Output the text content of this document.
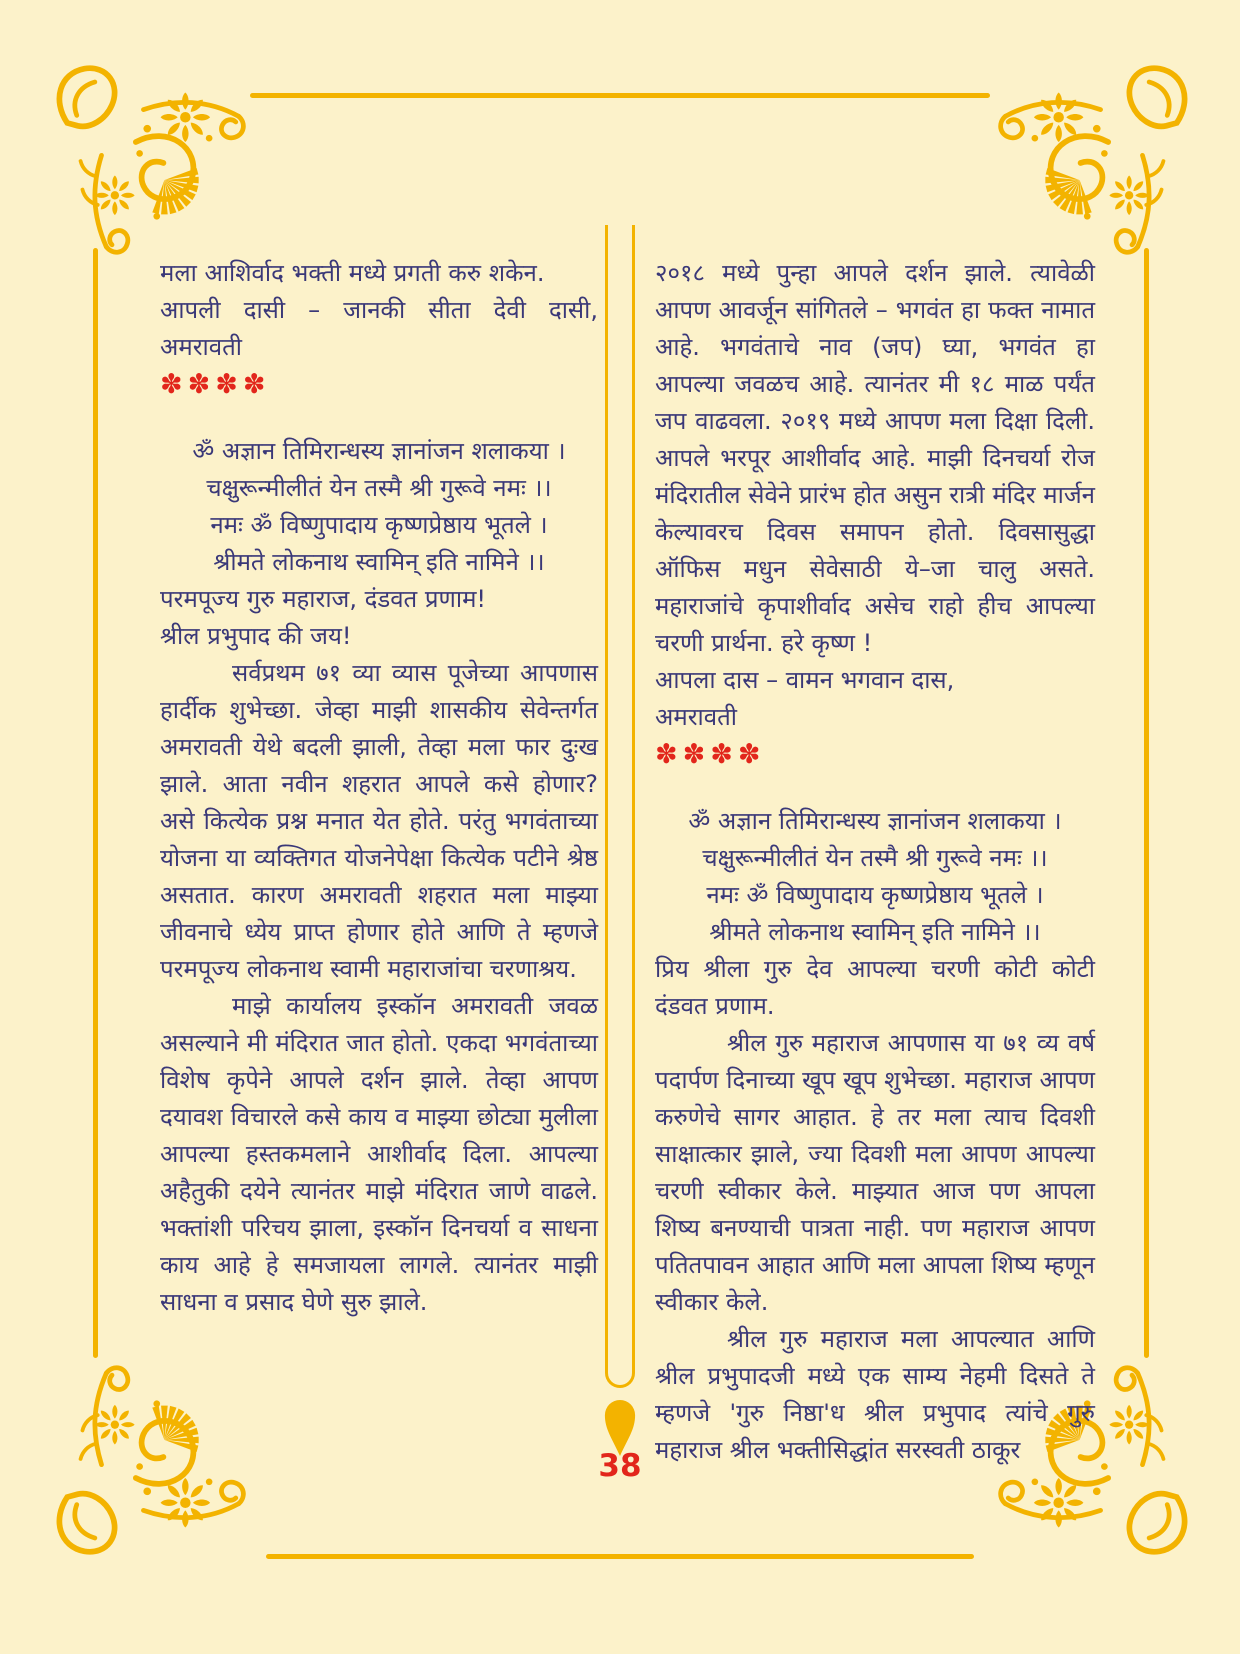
मला आशिर्वाद भक्ती मध्ये प्रगती करु शकेन.

आपली दासी – जानकी सीता देवी दासी,

अमरावती

✽✽✽✽

ॐ अज्ञान तिमिरान्धस्य ज्ञानांजन शलाकया ।

चक्षुरून्मीलीतं येन तस्मै श्री गुरूवे नमः ।।

नमः ॐ विष्णुपादाय कृष्णप्रेष्ठाय भूतले ।

श्रीमते लोकनाथ स्वामिन् इति नामिने ।।

परमपूज्य गुरु महाराज, दंडवत प्रणाम!

श्रील प्रभुपाद की जय!

सर्वप्रथम ७१ व्या व्यास पूजेच्या आपणास हार्दीक शुभेच्छा. जेव्हा माझी शासकीय सेवेन्तर्गत अमरावती येथे बदली झाली, तेव्हा मला फार दुःख झाले. आता नवीन शहरात आपले कसे होणार? असे कित्येक प्रश्न मनात येत होते. परंतु भगवंताच्या योजना या व्यक्तिगत योजनेपेक्षा कित्येक पटीने श्रेष्ठ असतात. कारण अमरावती शहरात मला माझ्या जीवनाचे ध्येय प्राप्त होणार होते आणि ते म्हणजे परमपूज्य लोकनाथ स्वामी महाराजांचा चरणाश्रय.

माझे कार्यालय इस्कॉन अमरावती जवळ असल्याने मी मंदिरात जात होतो. एकदा भगवंताच्या विशेष कृपेने आपले दर्शन झाले. तेव्हा आपण दयावश विचारले कसे काय व माझ्या छोट्या मुलीला आपल्या हस्तकमलाने आशीर्वाद दिला. आपल्या अहैतुकी दयेने त्यानंतर माझे मंदिरात जाणे वाढले. भक्तांशी परिचय झाला, इस्कॉन दिनचर्या व साधना काय आहे हे समजायला लागले. त्यानंतर माझी साधना व प्रसाद घेणे सुरु झाले.

२०१८ मध्ये पुन्हा आपले दर्शन झाले. त्यावेळी आपण आवर्जून सांगितले – भगवंत हा फक्त नामात आहे. भगवंताचे नाव (जप) घ्या, भगवंत हा आपल्या जवळच आहे. त्यानंतर मी १८ माळ पर्यंत जप वाढवला. २०१९ मध्ये आपण मला दिक्षा दिली. आपले भरपूर आशीर्वाद आहे. माझी दिनचर्या रोज मंदिरातील सेवेने प्रारंभ होत असुन रात्री मंदिर मार्जन केल्यावरच दिवस समापन होतो. दिवसासुद्धा ऑफिस मधुन सेवेसाठी ये–जा चालु असते. महाराजांचे कृपाशीर्वाद असेच राहो हीच आपल्या चरणी प्रार्थना. हरे कृष्ण !

आपला दास – वामन भगवान दास,

अमरावती

✽✽✽✽

ॐ अज्ञान तिमिरान्धस्य ज्ञानांजन शलाकया ।

चक्षुरून्मीलीतं येन तस्मै श्री गुरूवे नमः ।।

नमः ॐ विष्णुपादाय कृष्णप्रेष्ठाय भूतले ।

श्रीमते लोकनाथ स्वामिन् इति नामिने ।।

प्रिय श्रीला गुरु देव आपल्या चरणी कोटी कोटी दंडवत प्रणाम.

श्रील गुरु महाराज आपणास या ७१ व्य वर्ष पदार्पण दिनाच्या खूप खूप शुभेच्छा. महाराज आपण करुणेचे सागर आहात. हे तर मला त्याच दिवशी साक्षात्कार झाले, ज्या दिवशी मला आपण आपल्या चरणी स्वीकार केले. माझ्यात आज पण आपला शिष्य बनण्याची पात्रता नाही. पण महाराज आपण पतितपावन आहात आणि मला आपला शिष्य म्हणून स्वीकार केले.

श्रील गुरु महाराज मला आपल्यात आणि श्रील प्रभुपादजी मध्ये एक साम्य नेहमी दिसते ते म्हणजे 'गुरु निष्ठा'ध श्रील प्रभुपाद त्यांचे गुरु महाराज श्रील भक्तीसिद्धांत सरस्वती ठाकूर

38
